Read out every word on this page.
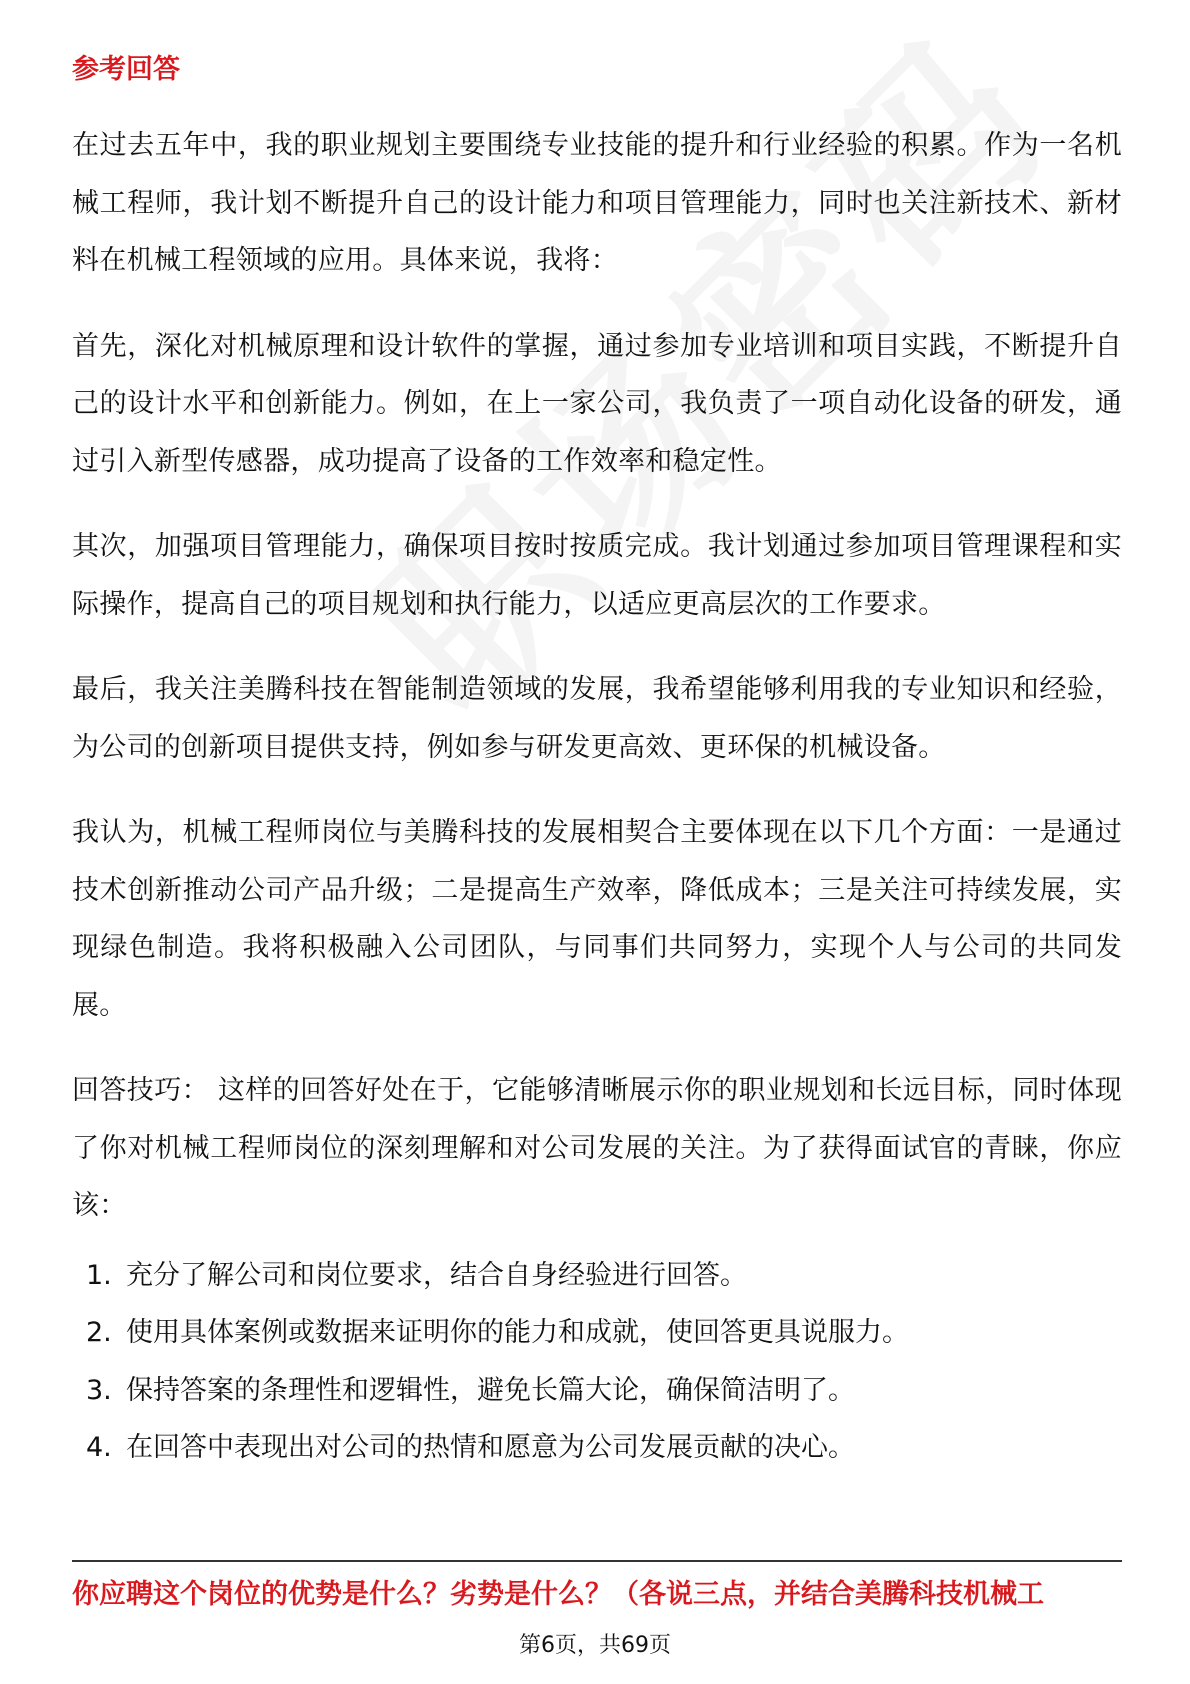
参考回答

在过去五年中，我的职业规划主要围绕专业技能的提升和行业经验的积累。作为一名机械工程师，我计划不断提升自己的设计能力和项目管理能力，同时也关注新技术、新材料在机械工程领域的应用。具体来说，我将：

首先，深化对机械原理和设计软件的掌握，通过参加专业培训和项目实践，不断提升自己的设计水平和创新能力。例如，在上一家公司，我负责了一项自动化设备的研发，通过引入新型传感器，成功提高了设备的工作效率和稳定性。

其次，加强项目管理能力，确保项目按时按质完成。我计划通过参加项目管理课程和实际操作，提高自己的项目规划和执行能力，以适应更高层次的工作要求。

最后，我关注美腾科技在智能制造领域的发展，我希望能够利用我的专业知识和经验，为公司的创新项目提供支持，例如参与研发更高效、更环保的机械设备。

我认为，机械工程师岗位与美腾科技的发展相契合主要体现在以下几个方面：一是通过技术创新推动公司产品升级；二是提高生产效率，降低成本；三是关注可持续发展，实现绿色制造。我将积极融入公司团队，与同事们共同努力，实现个人与公司的共同发展。

回答技巧： 这样的回答好处在于，它能够清晰展示你的职业规划和长远目标，同时体现了你对机械工程师岗位的深刻理解和对公司发展的关注。为了获得面试官的青睐，你应该：

1. 充分了解公司和岗位要求，结合自身经验进行回答。
2. 使用具体案例或数据来证明你的能力和成就，使回答更具说服力。
3. 保持答案的条理性和逻辑性，避免长篇大论，确保简洁明了。
4. 在回答中表现出对公司的热情和愿意为公司发展贡献的决心。
你应聘这个岗位的优势是什么？劣势是什么？（各说三点，并结合美腾科技机械工
第6页，共69页
